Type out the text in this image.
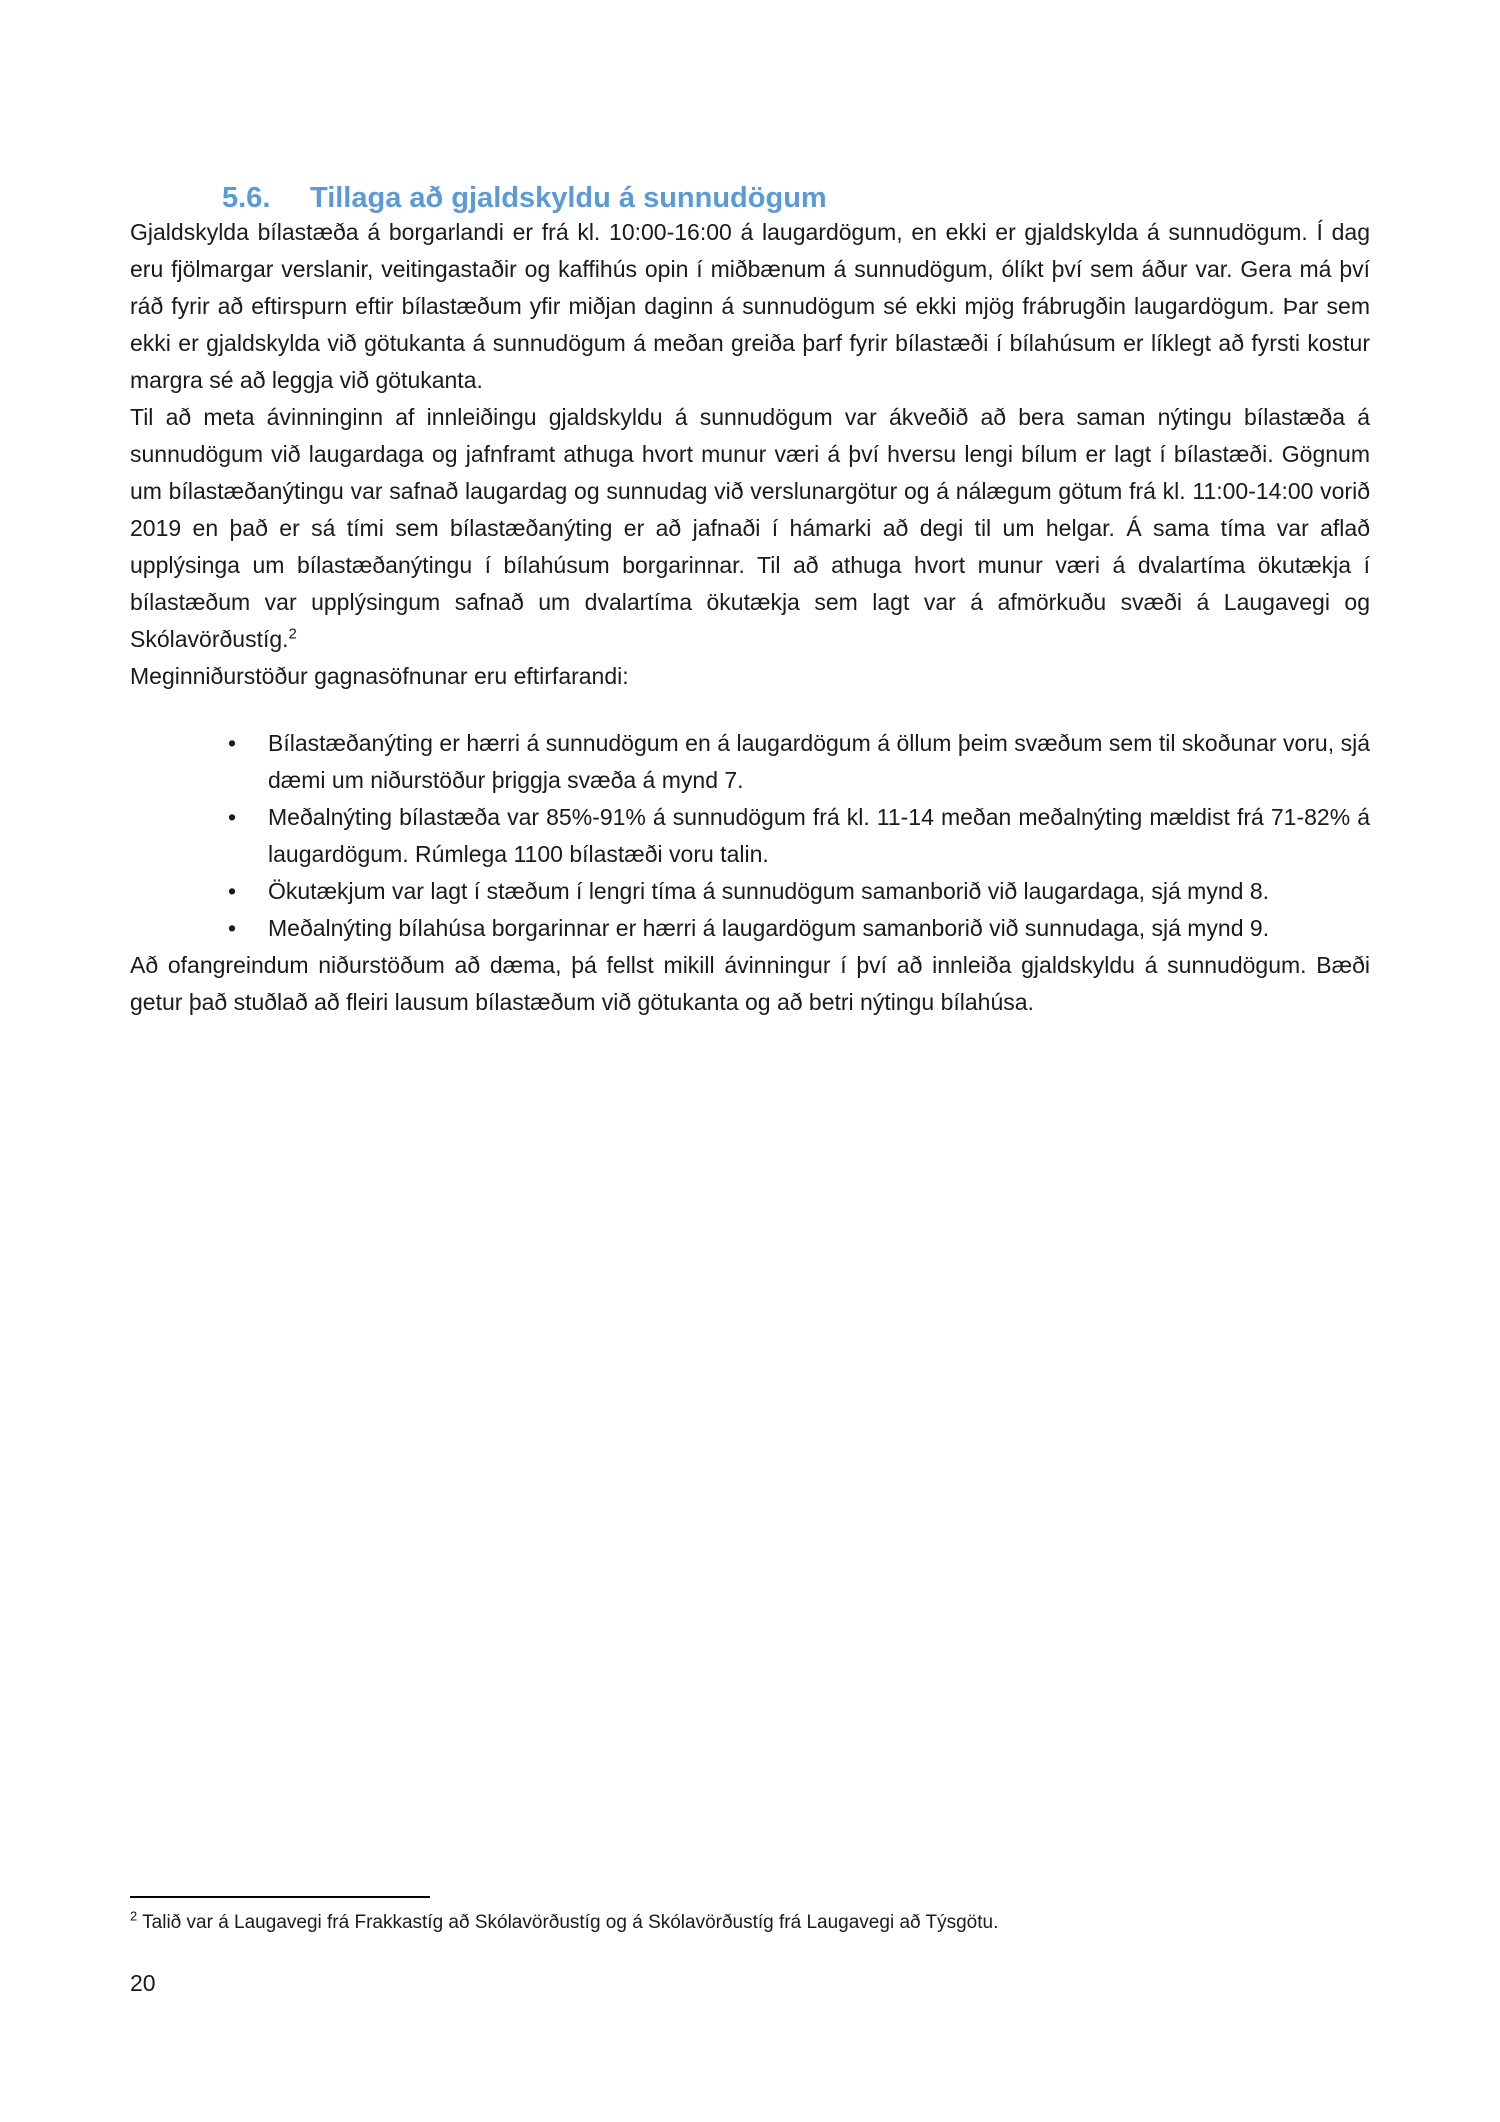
5.6. Tillaga að gjaldskyldu á sunnudögum

Gjaldskylda bílastæða á borgarlandi er frá kl. 10:00-16:00 á laugardögum, en ekki er gjaldskylda á sunnudögum. Í dag eru fjölmargar verslanir, veitingastaðir og kaffihús opin í miðbænum á sunnudögum, ólíkt því sem áður var. Gera má því ráð fyrir að eftirspurn eftir bílastæðum yfir miðjan daginn á sunnudögum sé ekki mjög frábrugðin laugardögum. Þar sem ekki er gjaldskylda við götukanta á sunnudögum á meðan greiða þarf fyrir bílastæði í bílahúsum er líklegt að fyrsti kostur margra sé að leggja við götukanta.

Til að meta ávinninginn af innleiðingu gjaldskyldu á sunnudögum var ákveðið að bera saman nýtingu bílastæða á sunnudögum við laugardaga og jafnframt athuga hvort munur væri á því hversu lengi bílum er lagt í bílastæði. Gögnum um bílastæðanýtingu var safnað laugardag og sunnudag við verslunargötur og á nálægum götum frá kl. 11:00-14:00 vorið 2019 en það er sá tími sem bílastæðanýting er að jafnaði í hámarki að degi til um helgar. Á sama tíma var aflað upplýsinga um bílastæðanýtingu í bílahúsum borgarinnar. Til að athuga hvort munur væri á dvalartíma ökutækja í bílastæðum var upplýsingum safnað um dvalartíma ökutækja sem lagt var á afmörkuðu svæði á Laugavegi og Skólavörðustíg.$^2$

Meginniðurstöður gagnasöfnunar eru eftirfarandi:

• Bílastæðanýting er hærri á sunnudögum en á laugardögum á öllum þeim svæðum sem til skoðunar voru, sjá dæmi um niðurstöður þriggja svæða á mynd 7.
• Meðalnýting bílastæða var 85%-91% á sunnudögum frá kl. 11-14 meðan meðalnýting mældist frá 71-82% á laugardögum. Rúmlega 1100 bílastæði voru talin.
• Ökutækjum var lagt í stæðum í lengri tíma á sunnudögum samanborið við laugardaga, sjá mynd 8.
• Meðalnýting bílahúsa borgarinnar er hærri á laugardögum samanborið við sunnudaga, sjá mynd 9.

Að ofangreindum niðurstöðum að dæma, þá fellst mikill ávinningur í því að innleiða gjaldskyldu á sunnudögum. Bæði getur það stuðlað að fleiri lausum bílastæðum við götukanta og að betri nýtingu bílahúsa.

$^2$ Talið var á Laugavegi frá Frakkastíg að Skólavörðustíg og á Skólavörðustíg frá Laugavegi að Týsgötu.

20
